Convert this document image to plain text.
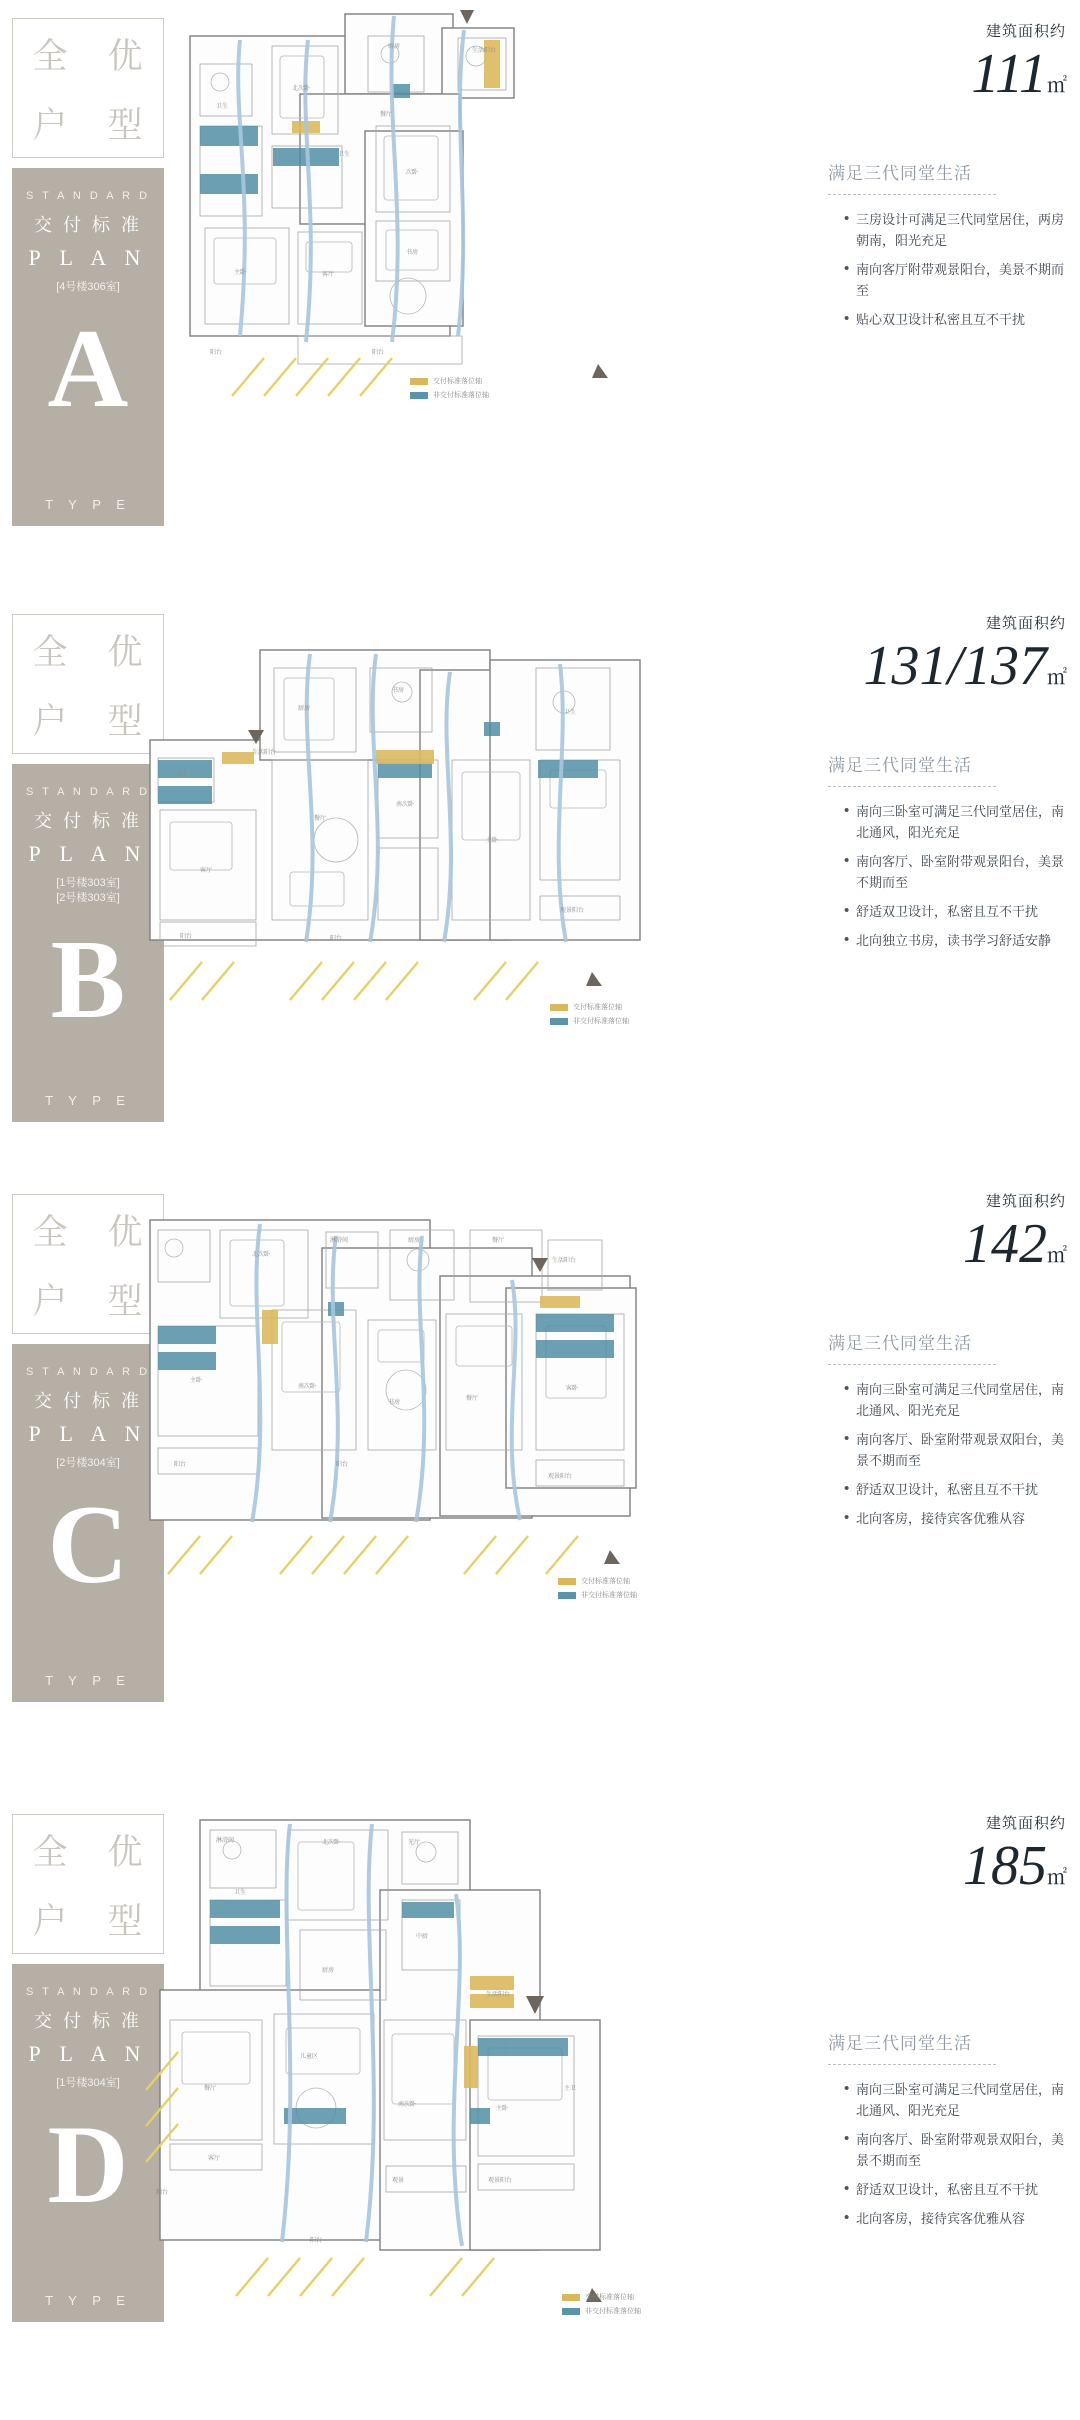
全 优
户 型
S T A N D A R D
交 付 标 准
P L A N
[4号楼306室]
A
T Y P E
厨房
生活阳台
北次卧
餐厅
卫生
卫生
主卧	客厅
次卧
书房
阳台	阳台
交付标准落位轴
非交付标准落位轴
建筑面积约
111㎡
满足三代同堂生活
• 三房设计可满足三代同堂居住，两房朝南，阳光充足
• 南向客厅附带观景阳台，美景不期而至
• 贴心双卫设计私密且互不干扰
全 优
户 型
S T A N D A R D
交 付 标 准
P L A N
[1号楼303室]
[2号楼303室]
B
T Y P E
厨房
书房
生活阳台
卫生
客厅
餐厅
南次卧
主卧
卫生
阳台	阳台
观景阳台
交付标准落位轴
非交付标准落位轴
建筑面积约
131/137㎡
满足三代同堂生活
• 南向三卧室可满足三代同堂居住，南北通风，阳光充足
• 南向客厅、卧室附带观景阳台，美景不期而至
• 舒适双卫设计，私密且互不干扰
• 北向独立书房，读书学习舒适安静
全 优
户 型
S T A N D A R D
交 付 标 准
P L A N
[2号楼304室]
C
T Y P E
淋浴间
北次卧
厨房	餐厅
生活阳台
主卧
南次卧
书房
餐厅
客卧
阳台	阳台
观景阳台
交付标准落位轴
非交付标准落位轴
建筑面积约
142㎡
满足三代同堂生活
• 南向三卧室可满足三代同堂居住，南北通风、阳光充足
• 南向客厅、卧室附带观景双阳台，美景不期而至
• 舒适双卫设计，私密且互不干扰
• 北向客房，接待宾客优雅从容
全 优
户 型
S T A N D A R D
交 付 标 准
P L A N
[1号楼304室]
D
T Y P E
淋浴间	北次卧	光厅
卫生
厨房
中厨
生活阳台
餐厅
儿童区
客厅
南次卧
主卧
主卫
阳台
观景	观景阳台
阳台
交付标准落位轴
非交付标准落位轴
建筑面积约
185㎡
满足三代同堂生活
• 南向三卧室可满足三代同堂居住，南北通风、阳光充足
• 南向客厅、卧室附带观景双阳台，美景不期而至
• 舒适双卫设计，私密且互不干扰
• 北向客房，接待宾客优雅从容
